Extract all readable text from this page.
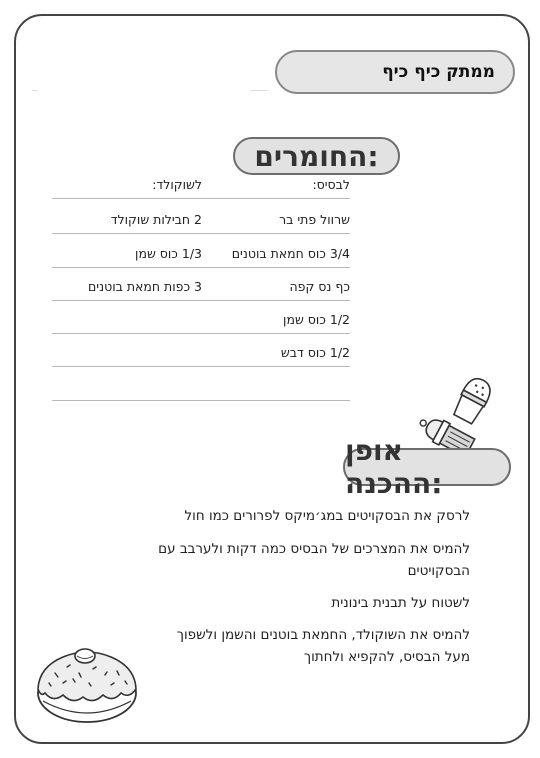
ממתק כיף כיף
החומרים:
לבסיס:
לשוקולד:
שרוול פתי בר
2 חבילות שוקולד
3/4 כוס חמאת בוטנים
1/3 כוס שמן
כף נס קפה
3 כפות חמאת בוטנים
1/2 כוס שמן
1/2 כוס דבש
אופן ההכנה:
לרסק את הבסקויטים במג׳מיקס לפרורים כמו חול
להמיס את המצרכים של הבסיס כמה דקות ולערבב עם הבסקויטים
לשטוח על תבנית בינונית
להמיס את השוקולד, החמאת בוטנים והשמן ולשפוך מעל הבסיס, להקפיא ולחתוך
